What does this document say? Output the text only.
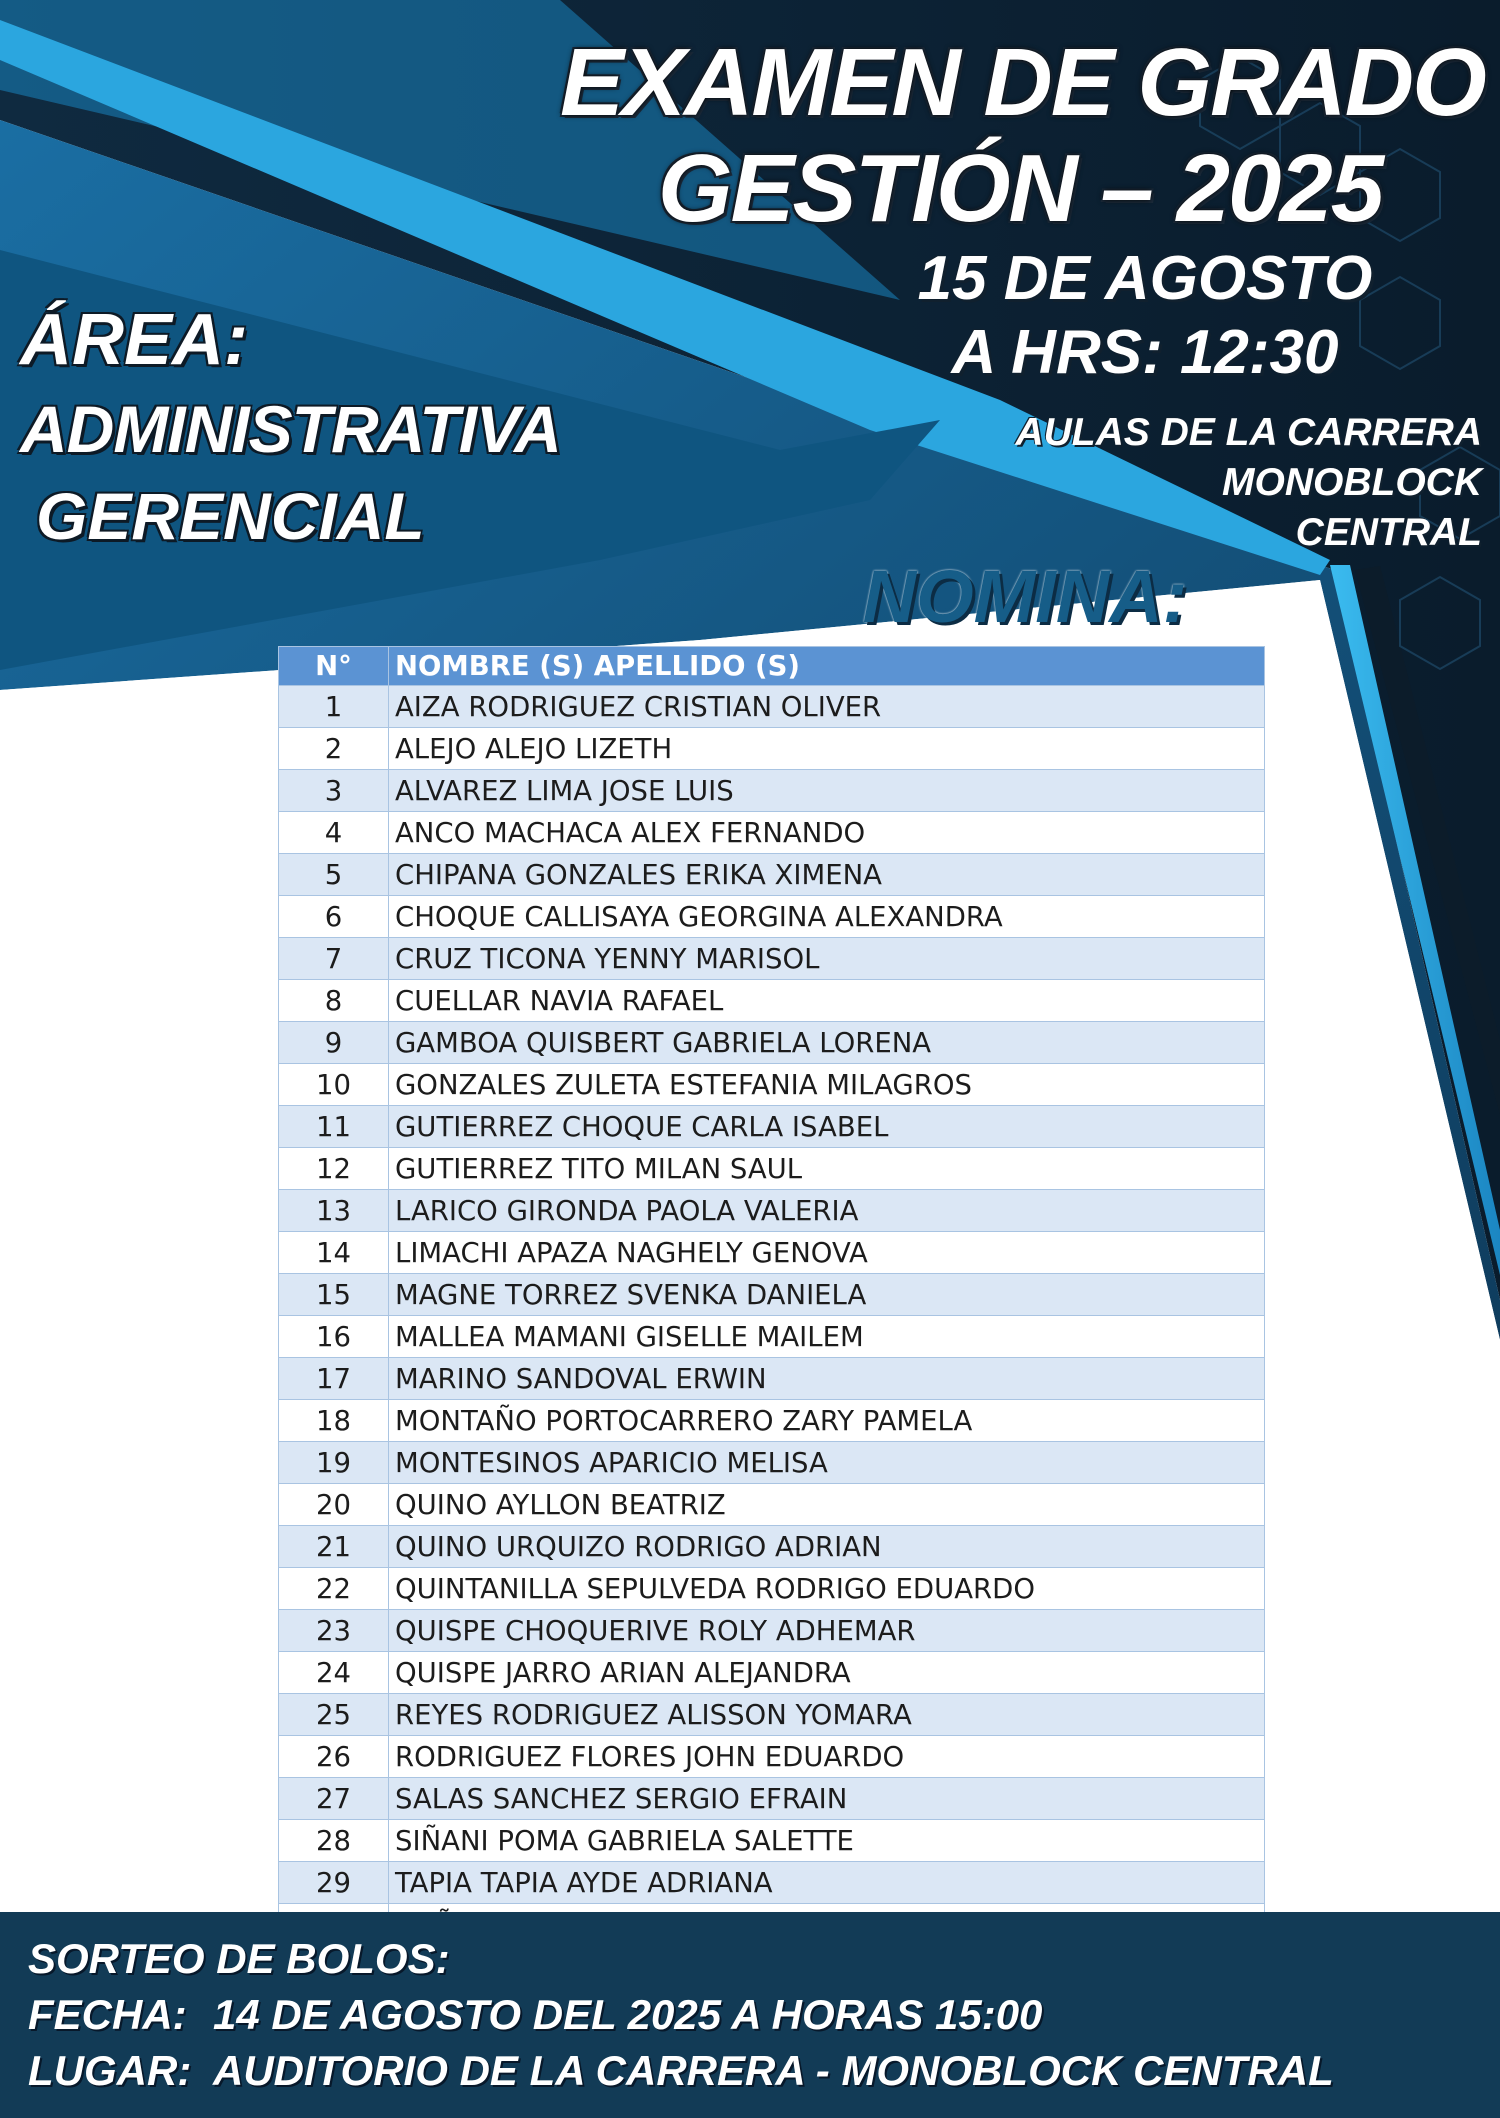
EXAMEN DE GRADO
GESTIÓN – 2025
15 DE AGOSTO
A HRS: 12:30
AULAS DE LA CARRERA
MONOBLOCK
CENTRAL
ÁREA:
ADMINISTRATIVA
GERENCIAL
NOMINA:
N°	NOMBRE (S) APELLIDO (S)
1	AIZA RODRIGUEZ CRISTIAN OLIVER
2	ALEJO ALEJO LIZETH
3	ALVAREZ LIMA JOSE LUIS
4	ANCO MACHACA ALEX FERNANDO
5	CHIPANA GONZALES ERIKA XIMENA
6	CHOQUE CALLISAYA GEORGINA ALEXANDRA
7	CRUZ TICONA YENNY MARISOL
8	CUELLAR NAVIA RAFAEL
9	GAMBOA QUISBERT GABRIELA LORENA
10	GONZALES ZULETA ESTEFANIA MILAGROS
11	GUTIERREZ CHOQUE CARLA ISABEL
12	GUTIERREZ TITO MILAN SAUL
13	LARICO GIRONDA PAOLA VALERIA
14	LIMACHI APAZA NAGHELY GENOVA
15	MAGNE TORREZ SVENKA DANIELA
16	MALLEA MAMANI GISELLE MAILEM
17	MARINO SANDOVAL ERWIN
18	MONTAÑO PORTOCARRERO ZARY PAMELA
19	MONTESINOS APARICIO MELISA
20	QUINO AYLLON BEATRIZ
21	QUINO URQUIZO RODRIGO ADRIAN
22	QUINTANILLA SEPULVEDA RODRIGO EDUARDO
23	QUISPE CHOQUERIVE ROLY ADHEMAR
24	QUISPE JARRO ARIAN ALEJANDRA
25	REYES RODRIGUEZ ALISSON YOMARA
26	RODRIGUEZ FLORES JOHN EDUARDO
27	SALAS SANCHEZ SERGIO EFRAIN
28	SIÑANI POMA GABRIELA SALETTE
29	TAPIA TAPIA AYDE ADRIANA

SORTEO DE BOLOS:
FECHA: 14 DE AGOSTO DEL 2025 A HORAS 15:00
LUGAR: AUDITORIO DE LA CARRERA - MONOBLOCK CENTRAL
